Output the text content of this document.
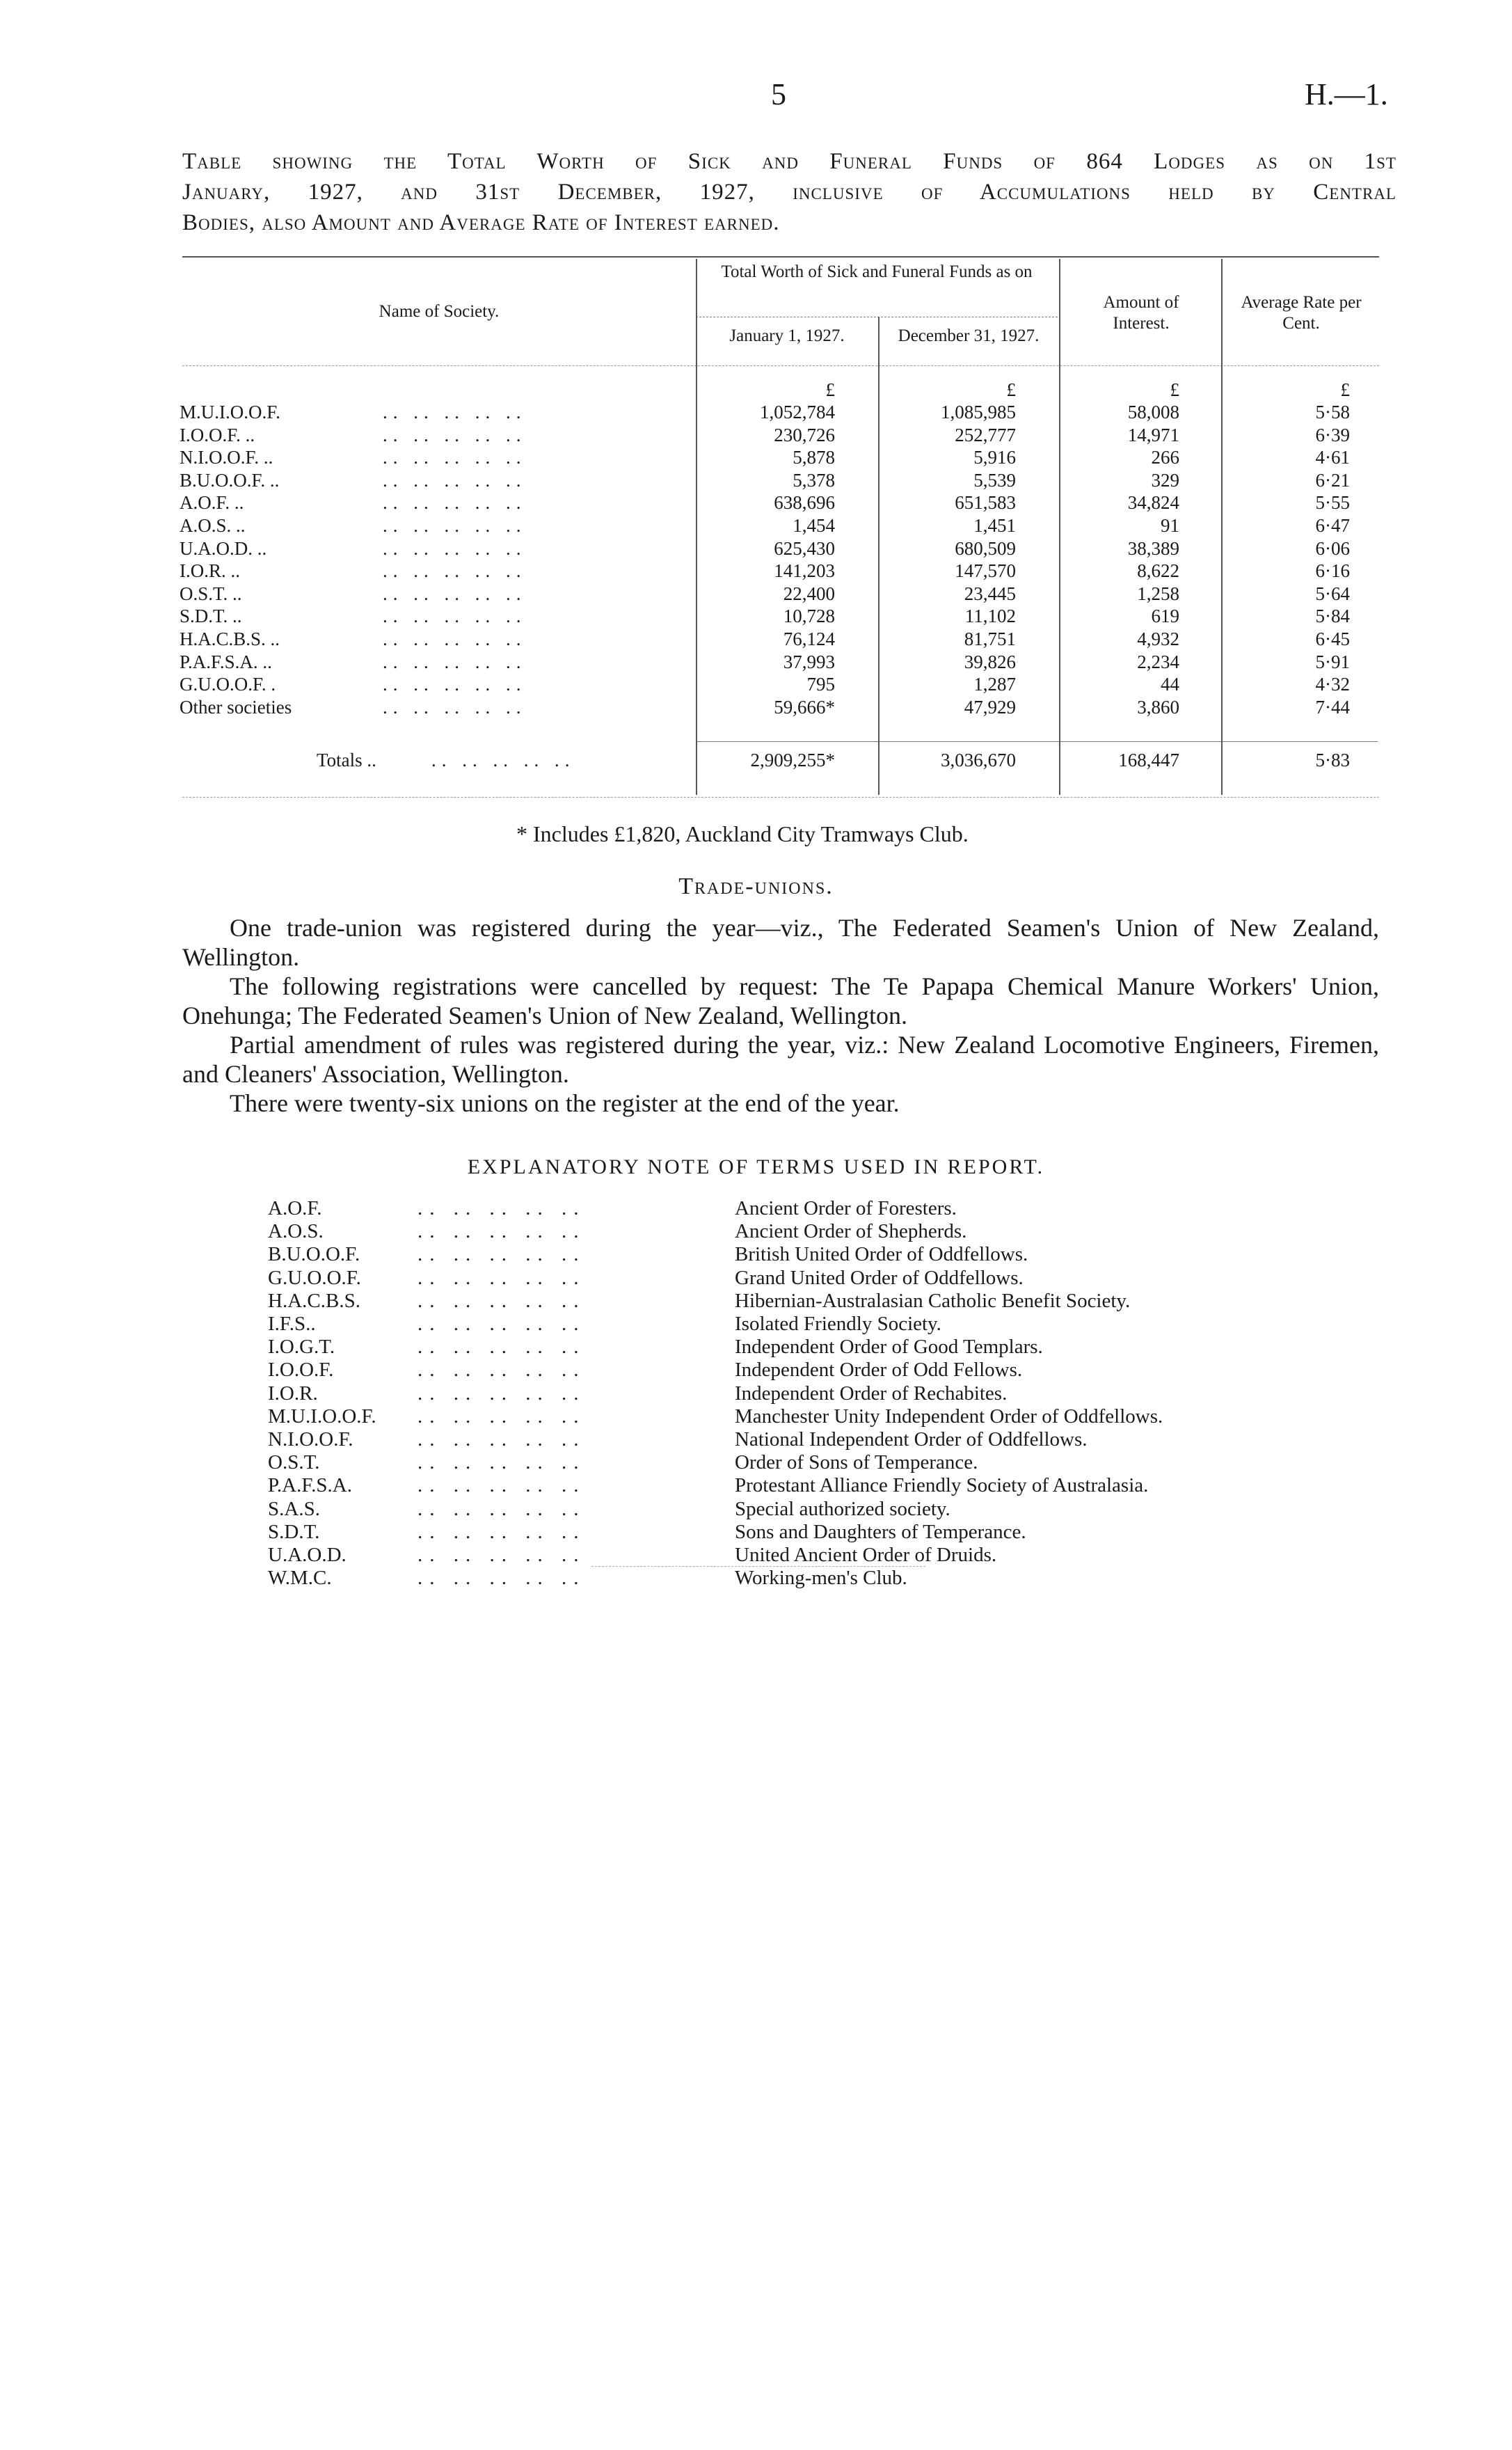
5	H.—1.
Table showing the Total Worth of Sick and Funeral Funds of 864 Lodges as on 1st
January, 1927, and 31st December, 1927, inclusive of Accumulations held by Central
Bodies, also Amount and Average Rate of Interest earned.
Name of Society.
Total Worth of Sick and Funeral Funds as on
January 1, 1927.	December 31, 1927.
Amount of Interest.
Average Rate per Cent.
£	£	£	£
M.U.I.O.O.F.	.. .. .. .. ..	1,052,784	1,085,985	58,008	5·58
I.O.O.F. ..	.. .. .. .. ..	230,726	252,777	14,971	6·39
N.I.O.O.F. ..	.. .. .. .. ..	5,878	5,916	266	4·61
B.U.O.O.F. ..	.. .. .. .. ..	5,378	5,539	329	6·21
A.O.F. ..	.. .. .. .. ..	638,696	651,583	34,824	5·55
A.O.S. ..	.. .. .. .. ..	1,454	1,451	91	6·47
U.A.O.D. ..	.. .. .. .. ..	625,430	680,509	38,389	6·06
I.O.R. ..	.. .. .. .. ..	141,203	147,570	8,622	6·16
O.S.T. ..	.. .. .. .. ..	22,400	23,445	1,258	5·64
S.D.T. ..	.. .. .. .. ..	10,728	11,102	619	5·84
H.A.C.B.S. ..	.. .. .. .. ..	76,124	81,751	4,932	6·45
P.A.F.S.A. ..	.. .. .. .. ..	37,993	39,826	2,234	5·91
G.U.O.O.F. .	.. .. .. .. ..	795	1,287	44	4·32
Other societies	.. .. .. .. ..	59,666*	47,929	3,860	7·44
Totals ..	.. .. .. .. ..	2,909,255*	3,036,670	168,447	5·83
* Includes £1,820, Auckland City Tramways Club.
Trade-unions.

One trade-union was registered during the year—viz., The Federated Seamen's Union of New Zealand, Wellington.

The following registrations were cancelled by request: The Te Papapa Chemical Manure Workers' Union, Onehunga; The Federated Seamen's Union of New Zealand, Wellington.

Partial amendment of rules was registered during the year, viz.: New Zealand Locomotive Engineers, Firemen, and Cleaners' Association, Wellington.

There were twenty-six unions on the register at the end of the year.

EXPLANATORY NOTE OF TERMS USED IN REPORT.
A.O.F.	.. .. .. .. ..	Ancient Order of Foresters.
A.O.S.	.. .. .. .. ..	Ancient Order of Shepherds.
B.U.O.O.F.	.. .. .. .. ..	British United Order of Oddfellows.
G.U.O.O.F.	.. .. .. .. ..	Grand United Order of Oddfellows.
H.A.C.B.S.	.. .. .. .. ..	Hibernian-Australasian Catholic Benefit Society.
I.F.S..	.. .. .. .. ..	Isolated Friendly Society.
I.O.G.T.	.. .. .. .. ..	Independent Order of Good Templars.
I.O.O.F.	.. .. .. .. ..	Independent Order of Odd Fellows.
I.O.R.	.. .. .. .. ..	Independent Order of Rechabites.
M.U.I.O.O.F. .. .. .. .. ..	Manchester Unity Independent Order of Oddfellows.
N.I.O.O.F.	.. .. .. .. ..	National Independent Order of Oddfellows.
O.S.T.	.. .. .. .. ..	Order of Sons of Temperance.
P.A.F.S.A.	.. .. .. .. ..	Protestant Alliance Friendly Society of Australasia.
S.A.S.	.. .. .. .. ..	Special authorized society.
S.D.T.	.. .. .. .. ..	Sons and Daughters of Temperance.
U.A.O.D.	.. .. .. .. ..	United Ancient Order of Druids.
W.M.C.	.. .. .. .. ..	Working-men's Club.
